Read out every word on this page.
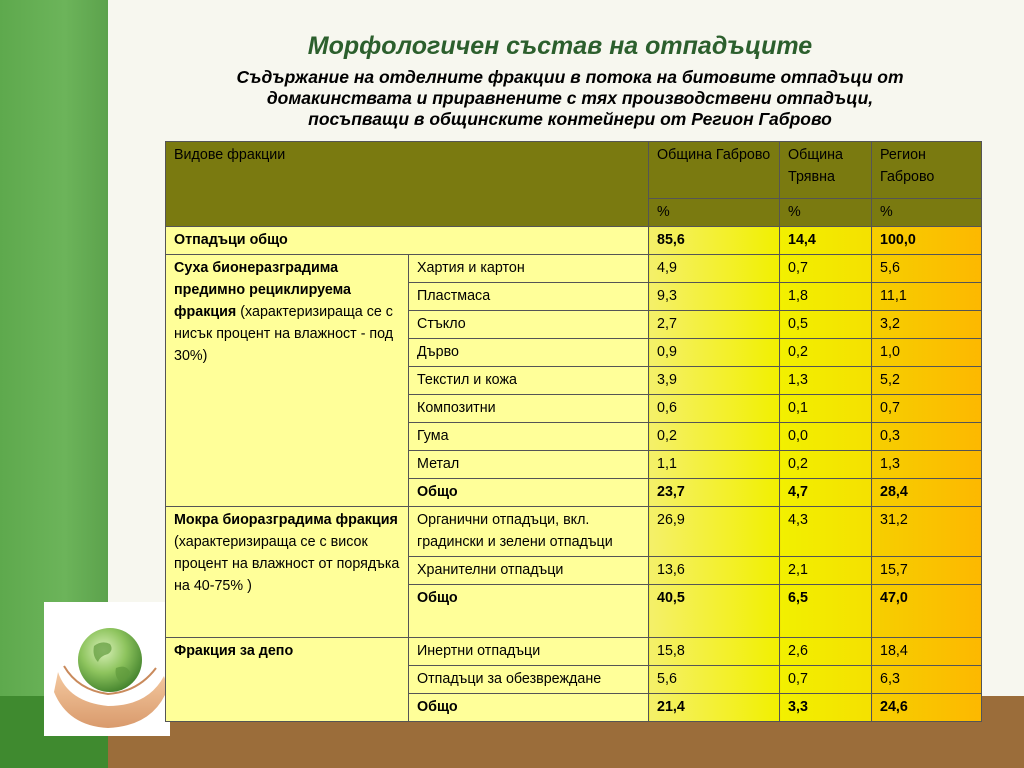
Морфологичен състав на отпадъците
Съдържание на отделните фракции в потока на битовите отпадъци от
домакинствата и приравнените с тях производствени отпадъци,
посъпващи в общинските контейнери от Регион Габрово
Видове фракции		Община Габрово	Община Трявна	Регион Габрово
		%	%	%
Отпадъци общо		85,6	14,4	100,0
Суха бионеразградима предимно рециклируема фракция (характеризираща се с нисък процент на влажност - под 30%)	Хартия и картон	4,9	0,7	5,6
	Пластмаса	9,3	1,8	11,1
	Стъкло	2,7	0,5	3,2
	Дърво	0,9	0,2	1,0
	Текстил и кожа	3,9	1,3	5,2
	Композитни	0,6	0,1	0,7
	Гума	0,2	0,0	0,3
	Метал	1,1	0,2	1,3
	Общо	23,7	4,7	28,4

Мокра биоразградима фракция
(характеризираща се с висок процент на влажност от порядъка на 40-75% )	Органични отпадъци, вкл. градински и зелени отпадъци	26,9	4,3	31,2
	Хранителни отпадъци	13,6	2,1	15,7
	Общо	40,5	6,5	47,0
Фракция за депо	Инертни отпадъци	15,8	2,6	18,4
	Отпадъци за обезвреждане	5,6	0,7	6,3
	Общо	21,4	3,3	24,6
